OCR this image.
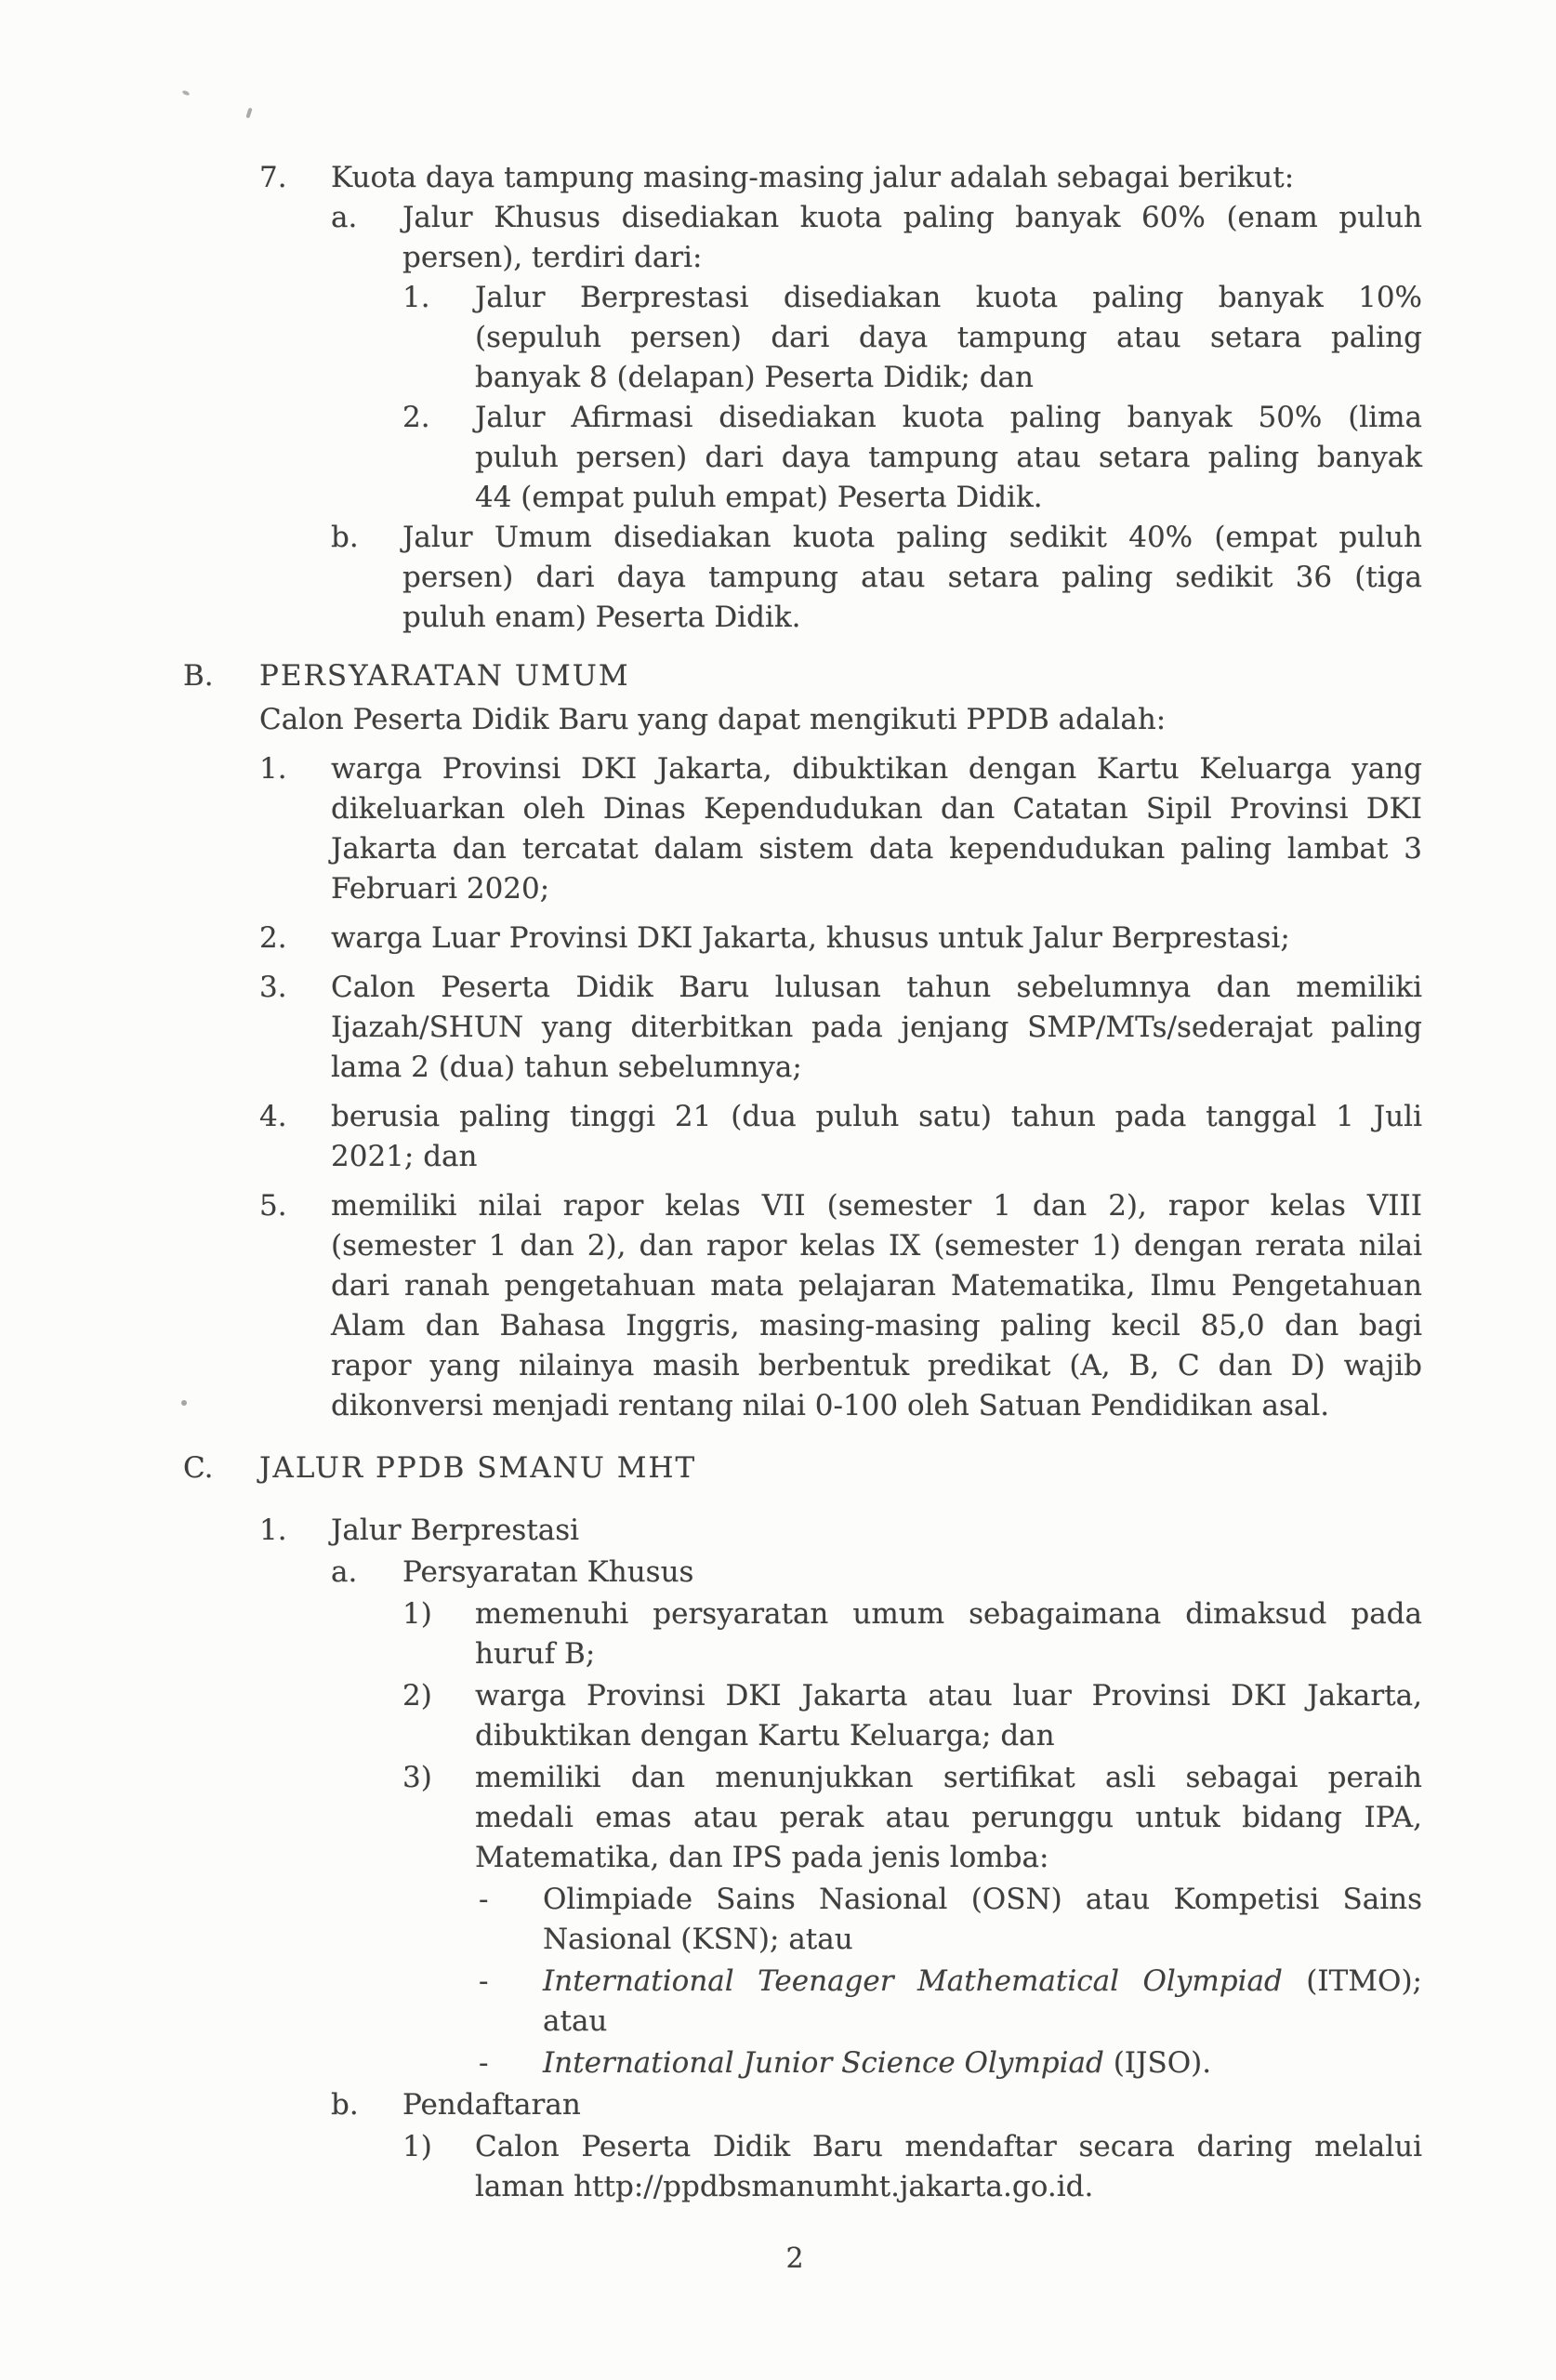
7.	Kuota daya tampung masing-masing jalur adalah sebagai berikut:
a.	Jalur Khusus disediakan kuota paling banyak 60% (enam puluh
persen), terdiri dari:
1.	Jalur Berprestasi disediakan kuota paling banyak 10%
(sepuluh persen) dari daya tampung atau setara paling
banyak 8 (delapan) Peserta Didik; dan
2.	Jalur Afirmasi disediakan kuota paling banyak 50% (lima
puluh persen) dari daya tampung atau setara paling banyak
44 (empat puluh empat) Peserta Didik.
b.	Jalur Umum disediakan kuota paling sedikit 40% (empat puluh
persen) dari daya tampung atau setara paling sedikit 36 (tiga
puluh enam) Peserta Didik.
B.	PERSYARATAN UMUM
Calon Peserta Didik Baru yang dapat mengikuti PPDB adalah:
1.	warga Provinsi DKI Jakarta, dibuktikan dengan Kartu Keluarga yang
dikeluarkan oleh Dinas Kependudukan dan Catatan Sipil Provinsi DKI
Jakarta dan tercatat dalam sistem data kependudukan paling lambat 3
Februari 2020;
2.	warga Luar Provinsi DKI Jakarta, khusus untuk Jalur Berprestasi;
3.	Calon Peserta Didik Baru lulusan tahun sebelumnya dan memiliki
Ijazah/SHUN yang diterbitkan pada jenjang SMP/MTs/sederajat paling
lama 2 (dua) tahun sebelumnya;
4.	berusia paling tinggi 21 (dua puluh satu) tahun pada tanggal 1 Juli
2021; dan
5.	memiliki nilai rapor kelas VII (semester 1 dan 2), rapor kelas VIII
(semester 1 dan 2), dan rapor kelas IX (semester 1) dengan rerata nilai
dari ranah pengetahuan mata pelajaran Matematika, Ilmu Pengetahuan
Alam dan Bahasa Inggris, masing-masing paling kecil 85,0 dan bagi
rapor yang nilainya masih berbentuk predikat (A, B, C dan D) wajib
dikonversi menjadi rentang nilai 0-100 oleh Satuan Pendidikan asal.
C.	JALUR PPDB SMANU MHT
1.	Jalur Berprestasi
a.	Persyaratan Khusus
1)	memenuhi persyaratan umum sebagaimana dimaksud pada
huruf B;
2)	warga Provinsi DKI Jakarta atau luar Provinsi DKI Jakarta,
dibuktikan dengan Kartu Keluarga; dan
3)	memiliki dan menunjukkan sertifikat asli sebagai peraih
medali emas atau perak atau perunggu untuk bidang IPA,
Matematika, dan IPS pada jenis lomba:
-	Olimpiade Sains Nasional (OSN) atau Kompetisi Sains
Nasional (KSN); atau
-	International Teenager Mathematical Olympiad (ITMO);
atau
-	International Junior Science Olympiad (IJSO).
b.	Pendaftaran
1)	Calon Peserta Didik Baru mendaftar secara daring melalui
laman http://ppdbsmanumht.jakarta.go.id.
2
